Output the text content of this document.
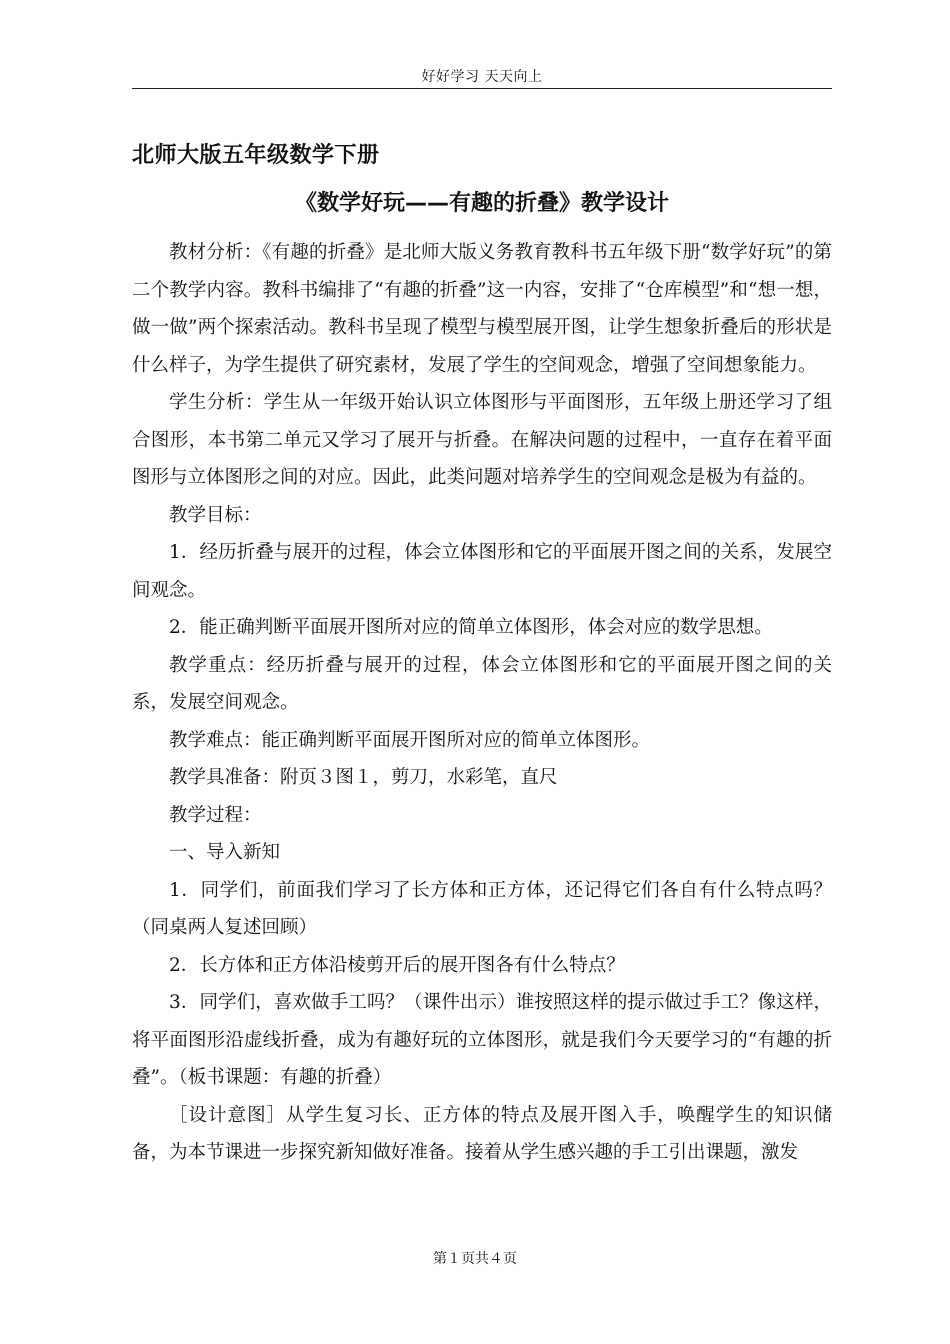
好好学习 天天向上
北师大版五年级数学下册
《数学好玩——有趣的折叠》教学设计

教材分析：《有趣的折叠》是北师大版义务教育教科书五年级下册“数学好玩”的第二个教学内容。教科书编排了“有趣的折叠”这一内容，安排了“仓库模型”和“想一想，做一做”两个探索活动。教科书呈现了模型与模型展开图，让学生想象折叠后的形状是什么样子，为学生提供了研究素材，发展了学生的空间观念，增强了空间想象能力。

学生分析：学生从一年级开始认识立体图形与平面图形，五年级上册还学习了组合图形，本书第二单元又学习了展开与折叠。在解决问题的过程中，一直存在着平面图形与立体图形之间的对应。因此，此类问题对培养学生的空间观念是极为有益的。

教学目标：

1．经历折叠与展开的过程，体会立体图形和它的平面展开图之间的关系，发展空间观念。

2．能正确判断平面展开图所对应的简单立体图形，体会对应的数学思想。

教学重点：经历折叠与展开的过程，体会立体图形和它的平面展开图之间的关系，发展空间观念。

教学难点：能正确判断平面展开图所对应的简单立体图形。

教学具准备：附页３图１，剪刀，水彩笔，直尺

教学过程：

一、导入新知

1．同学们，前面我们学习了长方体和正方体，还记得它们各自有什么特点吗？（同桌两人复述回顾）

2．长方体和正方体沿棱剪开后的展开图各有什么特点？

3．同学们，喜欢做手工吗？（课件出示）谁按照这样的提示做过手工？像这样，将平面图形沿虚线折叠，成为有趣好玩的立体图形，就是我们今天要学习的“有趣的折叠”。（板书课题：有趣的折叠）

［设计意图］从学生复习长、正方体的特点及展开图入手，唤醒学生的知识储备，为本节课进一步探究新知做好准备。接着从学生感兴趣的手工引出课题，激发

第１页共４页
